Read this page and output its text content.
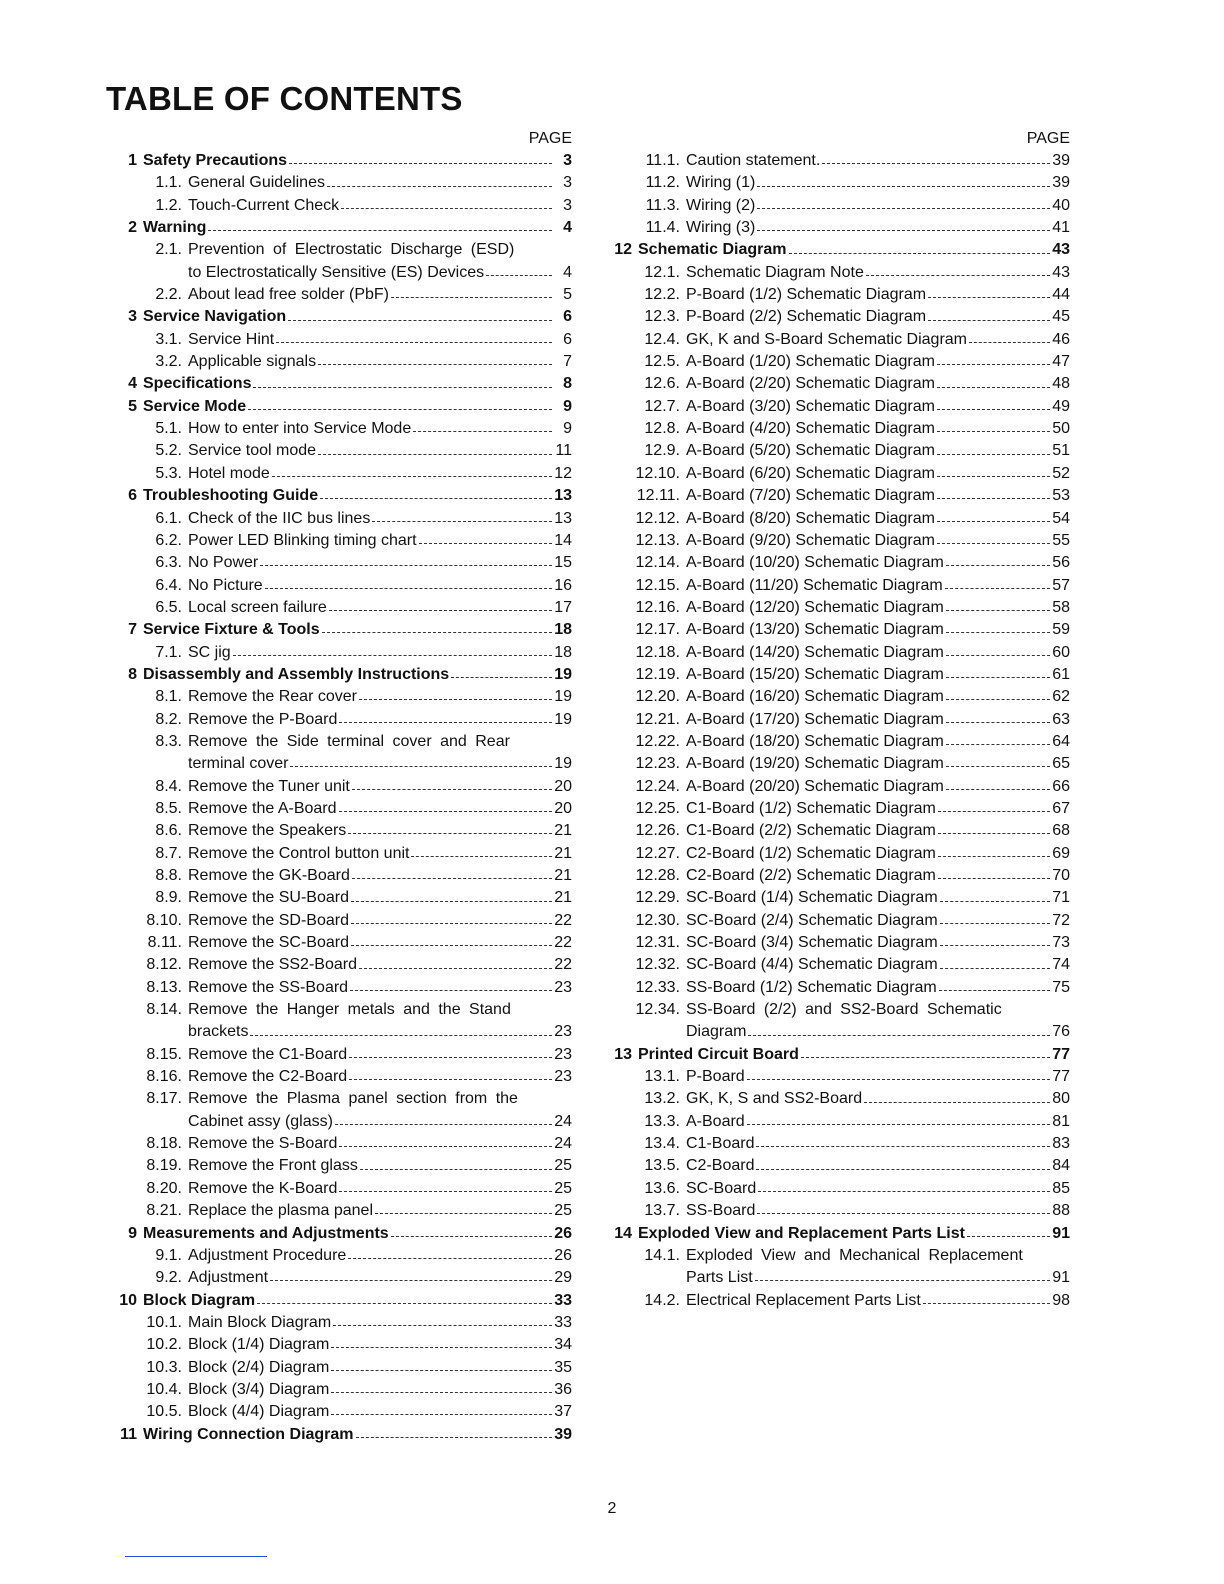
TABLE OF CONTENTS
PAGE
1 Safety Precautions	3
1.1. General Guidelines	3
1.2. Touch-Current Check	3
2 Warning	4
2.1. Prevention of Electrostatic Discharge (ESD)
to Electrostatically Sensitive (ES) Devices	4
2.2. About lead free solder (PbF)	5
3 Service Navigation	6
3.1. Service Hint	6
3.2. Applicable signals	7
4 Specifications	8
5 Service Mode	9
5.1. How to enter into Service Mode	9
5.2. Service tool mode	11
5.3. Hotel mode	12
6 Troubleshooting Guide	13
6.1. Check of the IIC bus lines	13
6.2. Power LED Blinking timing chart	14
6.3. No Power	15
6.4. No Picture	16
6.5. Local screen failure	17
7 Service Fixture & Tools	18
7.1. SC jig	18
8 Disassembly and Assembly Instructions	19
8.1. Remove the Rear cover	19
8.2. Remove the P-Board	19
8.3. Remove the Side terminal cover and Rear
terminal cover	19
8.4. Remove the Tuner unit	20
8.5. Remove the A-Board	20
8.6. Remove the Speakers	21
8.7. Remove the Control button unit	21
8.8. Remove the GK-Board	21
8.9. Remove the SU-Board	21
8.10. Remove the SD-Board	22
8.11. Remove the SC-Board	22
8.12. Remove the SS2-Board	22
8.13. Remove the SS-Board	23
8.14. Remove the Hanger metals and the Stand
brackets	23
8.15. Remove the C1-Board	23
8.16. Remove the C2-Board	23
8.17. Remove the Plasma panel section from the
Cabinet assy (glass)	24
8.18. Remove the S-Board	24
8.19. Remove the Front glass	25
8.20. Remove the K-Board	25
8.21. Replace the plasma panel	25
9 Measurements and Adjustments	26
9.1. Adjustment Procedure	26
9.2. Adjustment	29
10 Block Diagram	33
10.1. Main Block Diagram	33
10.2. Block (1/4) Diagram	34
10.3. Block (2/4) Diagram	35
10.4. Block (3/4) Diagram	36
10.5. Block (4/4) Diagram	37
11 Wiring Connection Diagram	39
PAGE
11.1. Caution statement.	39
11.2. Wiring (1)	39
11.3. Wiring (2)	40
11.4. Wiring (3)	41
12 Schematic Diagram	43
12.1. Schematic Diagram Note	43
12.2. P-Board (1/2) Schematic Diagram	44
12.3. P-Board (2/2) Schematic Diagram	45
12.4. GK, K and S-Board Schematic Diagram	46
12.5. A-Board (1/20) Schematic Diagram	47
12.6. A-Board (2/20) Schematic Diagram	48
12.7. A-Board (3/20) Schematic Diagram	49
12.8. A-Board (4/20) Schematic Diagram	50
12.9. A-Board (5/20) Schematic Diagram	51
12.10. A-Board (6/20) Schematic Diagram	52
12.11. A-Board (7/20) Schematic Diagram	53
12.12. A-Board (8/20) Schematic Diagram	54
12.13. A-Board (9/20) Schematic Diagram	55
12.14. A-Board (10/20) Schematic Diagram	56
12.15. A-Board (11/20) Schematic Diagram	57
12.16. A-Board (12/20) Schematic Diagram	58
12.17. A-Board (13/20) Schematic Diagram	59
12.18. A-Board (14/20) Schematic Diagram	60
12.19. A-Board (15/20) Schematic Diagram	61
12.20. A-Board (16/20) Schematic Diagram	62
12.21. A-Board (17/20) Schematic Diagram	63
12.22. A-Board (18/20) Schematic Diagram	64
12.23. A-Board (19/20) Schematic Diagram	65
12.24. A-Board (20/20) Schematic Diagram	66
12.25. C1-Board (1/2) Schematic Diagram	67
12.26. C1-Board (2/2) Schematic Diagram	68
12.27. C2-Board (1/2) Schematic Diagram	69
12.28. C2-Board (2/2) Schematic Diagram	70
12.29. SC-Board (1/4) Schematic Diagram	71
12.30. SC-Board (2/4) Schematic Diagram	72
12.31. SC-Board (3/4) Schematic Diagram	73
12.32. SC-Board (4/4) Schematic Diagram	74
12.33. SS-Board (1/2) Schematic Diagram	75
12.34. SS-Board (2/2) and SS2-Board Schematic
Diagram	76
13 Printed Circuit Board	77
13.1. P-Board	77
13.2. GK, K, S and SS2-Board	80
13.3. A-Board	81
13.4. C1-Board	83
13.5. C2-Board	84
13.6. SC-Board	85
13.7. SS-Board	88
14 Exploded View and Replacement Parts List	91
14.1. Exploded View and Mechanical Replacement
Parts List	91
14.2. Electrical Replacement Parts List	98
2
